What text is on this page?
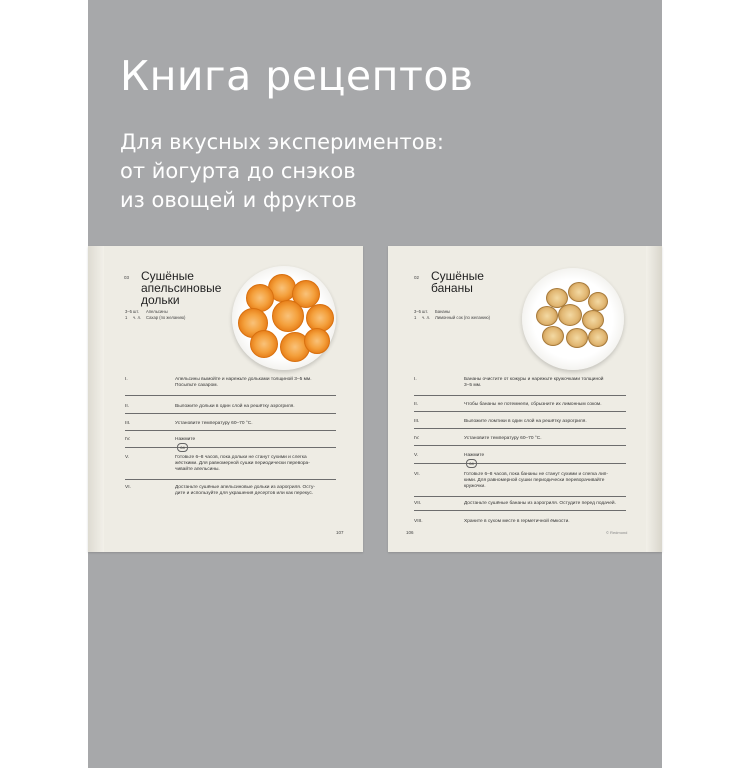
Книга рецептов

Для вкусных экспериментов:
от йогурта до снэков
из овощей и фруктов

03 Сушёные
апельсиновые
дольки
3–5 шт.	Апельсины
1	ч. л.	Сахар (по желанию)
I.	Апельсины вымойте и нарежьте дольками толщиной 3–5 мм.
Посыпьте сахаром.
II.	Выложите дольки в один слой на решётку аэрогриля.
III.	Установите температуру 60–70 °С.
IV.	Нажмите
04
V.	Готовьте 6–8 часов, пока дольки не станут сухими и слегка
жёсткими. Для равномерной сушки периодически перевора-
чивайте апельсины.
VI.	Достаньте сушёные апельсиновые дольки из аэрогриля. Осту-
дите и используйте для украшения десертов или как перекус.
107
02 Сушёные
бананы
3–5 шт.	Бананы
1	ч. л.	Лимонный сок (по желанию)
I.	Бананы очистите от кожуры и нарежьте кружочками толщиной
3–5 мм.
II.	Чтобы бананы не потемнели, сбрызните их лимонным соком.
III.	Выложите ломтики в один слой на решётку аэрогриля.
IV.	Установите температуру 60–70 °С.
V.	Нажмите
04
VI.	Готовьте 6–8 часов, пока бананы не станут сухими и слегка лип-
кими. Для равномерной сушки периодически переворачивайте
кружочки.
VII.	Достаньте сушёные бананы из аэрогриля. Остудите перед подачей.
VIII.	Храните в сухом месте в герметичной ёмкости.
106	© Redmond
